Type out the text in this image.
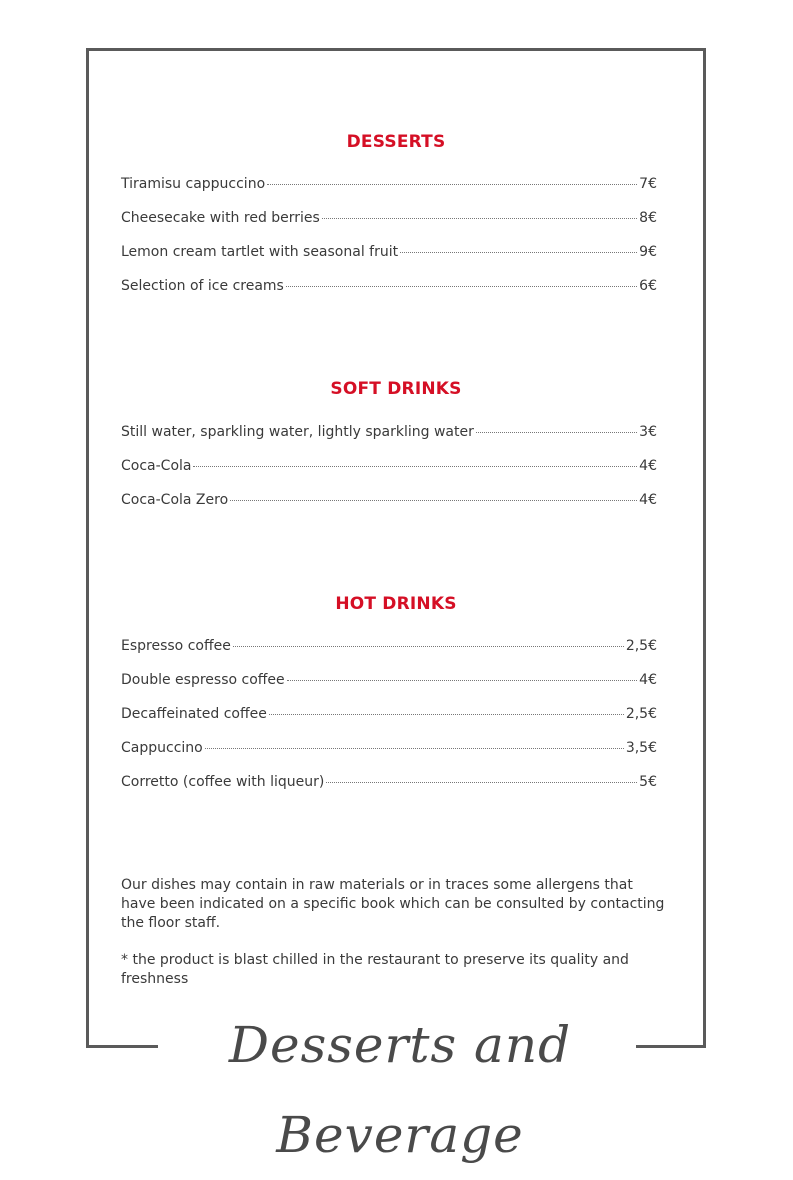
DESSERTS
Tiramisu cappuccino	7€
Cheesecake with red berries	8€
Lemon cream tartlet with seasonal fruit	9€
Selection of ice creams	6€
SOFT DRINKS
Still water, sparkling water, lightly sparkling water	3€
Coca-Cola	4€
Coca-Cola Zero	4€
HOT DRINKS
Espresso coffee	2,5€
Double espresso coffee	4€
Decaffeinated coffee	2,5€
Cappuccino	3,5€
Corretto (coffee with liqueur)	5€

Our dishes may contain in raw materials or in traces some allergens that have been indicated on a specific book which can be consulted by contacting the floor staff.

* the product is blast chilled in the restaurant to preserve its quality and freshness

Desserts and Beverage
